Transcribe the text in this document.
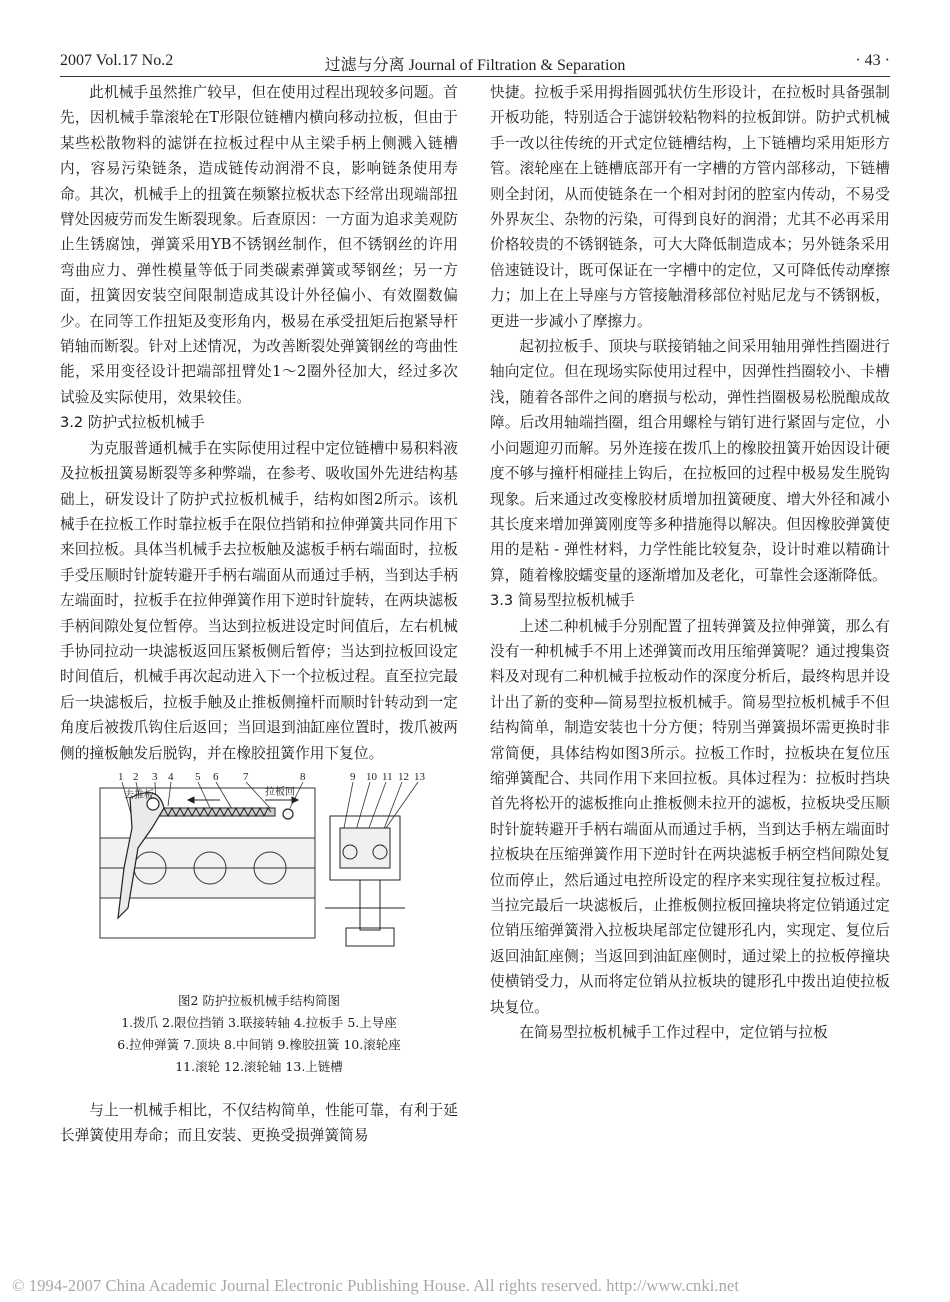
2007 Vol.17 No.2	过滤与分离 Journal of Filtration & Separation	· 43 ·

此机械手虽然推广较早，但在使用过程出现较多问题。首先，因机械手靠滚轮在T形限位链槽内横向移动拉板，但由于某些松散物料的滤饼在拉板过程中从主梁手柄上侧溅入链槽内，容易污染链条，造成链传动润滑不良，影响链条使用寿命。其次，机械手上的扭簧在频繁拉板状态下经常出现端部扭臂处因疲劳而发生断裂现象。后查原因：一方面为追求美观防止生锈腐蚀，弹簧采用YB不锈钢丝制作，但不锈钢丝的许用弯曲应力、弹性模量等低于同类碳素弹簧或琴钢丝；另一方面，扭簧因安装空间限制造成其设计外径偏小、有效圈数偏少。在同等工作扭矩及变形角内，极易在承受扭矩后抱紧导杆销轴而断裂。针对上述情况，为改善断裂处弹簧钢丝的弯曲性能，采用变径设计把端部扭臂处1～2圈外径加大，经过多次试验及实际使用，效果较佳。

3.2 防护式拉板机械手

为克服普通机械手在实际使用过程中定位链槽中易积料液及拉板扭簧易断裂等多种弊端，在参考、吸收国外先进结构基础上，研发设计了防护式拉板机械手，结构如图2所示。该机械手在拉板工作时靠拉板手在限位挡销和拉伸弹簧共同作用下来回拉板。具体当机械手去拉板触及滤板手柄右端面时，拉板手受压顺时针旋转避开手柄右端面从而通过手柄，当到达手柄左端面时，拉板手在拉伸弹簧作用下逆时针旋转，在两块滤板手柄间隙处复位暂停。当达到拉板进设定时间值后，左右机械手协同拉动一块滤板返回压紧板侧后暂停；当达到拉板回设定时间值后，机械手再次起动进入下一个拉板过程。直至拉完最后一块滤板后，拉板手触及止推板侧撞杆而顺时针转动到一定角度后被拨爪钩住后返回；当回退到油缸座位置时，拨爪被两侧的撞板触发后脱钩，并在橡胶扭簧作用下复位。

1 2 3 4 5 6 7	8	9 10 11 12 13
去推板	拉板回
图2 防护拉板机械手结构简图
1.拨爪 2.限位挡销 3.联接转轴 4.拉板手 5.上导座
6.拉伸弹簧 7.顶块 8.中间销 9.橡胶扭簧 10.滚轮座
11.滚轮 12.滚轮轴 13.上链槽

与上一机械手相比，不仅结构简单，性能可靠，有利于延长弹簧使用寿命；而且安装、更换受损弹簧简易

快捷。拉板手采用拇指圆弧状仿生形设计，在拉板时具备强制开板功能，特别适合于滤饼较粘物料的拉板卸饼。防护式机械手一改以往传统的开式定位链槽结构，上下链槽均采用矩形方管。滚轮座在上链槽底部开有一字槽的方管内部移动，下链槽则全封闭，从而使链条在一个相对封闭的腔室内传动，不易受外界灰尘、杂物的污染，可得到良好的润滑；尤其不必再采用价格较贵的不锈钢链条，可大大降低制造成本；另外链条采用倍速链设计，既可保证在一字槽中的定位，又可降低传动摩擦力；加上在上导座与方管接触滑移部位衬贴尼龙与不锈钢板，更进一步减小了摩擦力。

起初拉板手、顶块与联接销轴之间采用轴用弹性挡圈进行轴向定位。但在现场实际使用过程中，因弹性挡圈较小、卡槽浅，随着各部件之间的磨损与松动，弹性挡圈极易松脱酿成故障。后改用轴端挡圈，组合用螺栓与销钉进行紧固与定位，小小问题迎刃而解。另外连接在拨爪上的橡胶扭簧开始因设计硬度不够与撞杆相碰挂上钩后，在拉板回的过程中极易发生脱钩现象。后来通过改变橡胶材质增加扭簧硬度、增大外径和减小其长度来增加弹簧刚度等多种措施得以解决。但因橡胶弹簧使用的是粘 - 弹性材料，力学性能比较复杂，设计时难以精确计算，随着橡胶蠕变量的逐渐增加及老化，可靠性会逐渐降低。

3.3 简易型拉板机械手

上述二种机械手分别配置了扭转弹簧及拉伸弹簧，那么有没有一种机械手不用上述弹簧而改用压缩弹簧呢？通过搜集资料及对现有二种机械手拉板动作的深度分析后，最终构思并设计出了新的变种—简易型拉板机械手。简易型拉板机械手不但结构简单，制造安装也十分方便；特别当弹簧损坏需更换时非常简便，具体结构如图3所示。拉板工作时，拉板块在复位压缩弹簧配合、共同作用下来回拉板。具体过程为：拉板时挡块首先将松开的滤板推向止推板侧未拉开的滤板，拉板块受压顺时针旋转避开手柄右端面从而通过手柄，当到达手柄左端面时拉板块在压缩弹簧作用下逆时针在两块滤板手柄空档间隙处复位而停止，然后通过电控所设定的程序来实现往复拉板过程。当拉完最后一块滤板后，止推板侧拉板回撞块将定位销通过定位销压缩弹簧滑入拉板块尾部定位键形孔内，实现定、复位后返回油缸座侧；当返回到油缸座侧时，通过梁上的拉板停撞块使横销受力，从而将定位销从拉板块的键形孔中拨出迫使拉板块复位。

在简易型拉板机械手工作过程中，定位销与拉板

© 1994-2007 China Academic Journal Electronic Publishing House. All rights reserved. http://www.cnki.net
